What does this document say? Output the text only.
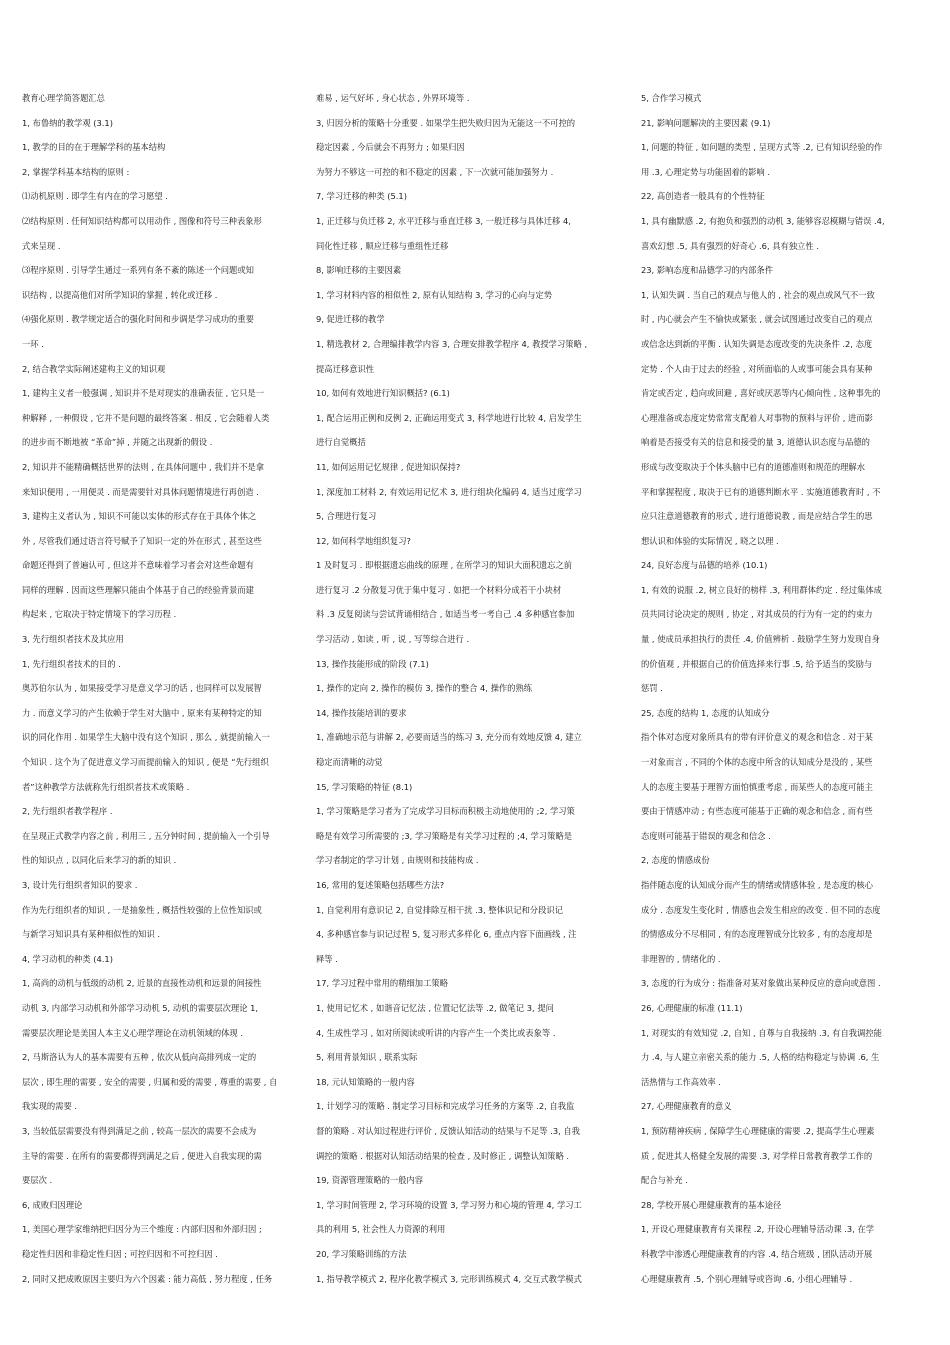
教育心理学简答题汇总
1, 布鲁纳的教学观 (3.1)
1, 教学的目的在于理解学科的基本结构
2, 掌握学科基本结构的原则 :
⑴动机原则 . 即学生有内在的学习愿望 .
⑵结构原则 . 任何知识结构都可以用动作 , 图像和符号三种表象形
式来呈现 .
⑶程序原则 . 引导学生通过一系列有条不紊的陈述一个问题或知
识结构 , 以提高他们对所学知识的掌握 , 转化或迁移 .
⑷强化原则 . 教学规定适合的强化时间和步调是学习成功的重要
一环 .
2, 结合教学实际阐述建构主义的知识观
1, 建构主义者一般强调 , 知识并不是对现实的准确表征 , 它只是一
种解释 , 一种假设 , 它并不是问题的最终答案 . 相反 , 它会随着人类
的进步而不断地被 “革命”掉 , 并随之出现新的假设 .
2, 知识并不能精确概括世界的法则 , 在具体问题中 , 我们并不是拿
来知识便用 , 一用便灵 . 而是需要针对具体问题情境进行再创造 .
3, 建构主义者认为 , 知识不可能以实体的形式存在于具体个体之
外 , 尽管我们通过语言符号赋予了知识一定的外在形式 , 甚至这些
命题还得到了普遍认可 , 但这并不意味着学习者会对这些命题有
同样的理解 . 因而这些理解只能由个体基于自己的经验背景而建
构起来 , 它取决于特定情境下的学习历程 .
3, 先行组织者技术及其应用
1, 先行组织者技术的目的 .
奥苏伯尔认为 , 如果接受学习是意义学习的话 , 也同样可以发展智
力 . 而意义学习的产生依赖于学生对大脑中 , 原来有某种特定的知
识的同化作用 . 如果学生大脑中没有这个知识 , 那么 , 就提前输入一
个知识 . 这个为了促进意义学习而提前输入的知识 , 便是 “先行组织
者”这种教学方法就称先行组织者技术或策略 .
2, 先行组织者教学程序 .
在呈现正式教学内容之前 , 利用三 , 五分钟时间 , 提前输入一个引导
性的知识点 , 以同化后来学习的新的知识 .
3, 设计先行组织者知识的要求 .
作为先行组织者的知识 , 一是抽象性 , 概括性较强的上位性知识或
与新学习知识具有某种相似性的知识 .
4, 学习动机的种类 (4.1)
1, 高尚的动机与低级的动机 2, 近景的直接性动机和远景的间接性
动机 3, 内部学习动机和外部学习动机 5, 动机的需要层次理论 1,
需要层次理论是美国人本主义心理学理论在动机领域的体现 .
2, 马斯洛认为人的基本需要有五种 , 依次从低向高排列成一定的
层次 , 即生理的需要 , 安全的需要 , 归属和爱的需要 , 尊重的需要 , 自
我实现的需要 .
3, 当较低层需要没有得到满足之前 , 较高一层次的需要不会成为
主导的需要 . 在所有的需要都得到满足之后 , 便进入自我实现的需
要层次 .
6, 成败归因理论
1, 美国心理学家维纳把归因分为三个维度 : 内部归因和外部归因 ;
稳定性归因和非稳定性归因 ; 可控归因和不可控归因 .
2, 同时又把成败原因主要归为六个因素 : 能力高低 , 努力程度 , 任务
难易 , 运气好坏 , 身心状态 , 外界环境等 .
3, 归因分析的策略十分重要 . 如果学生把失败归因为无能这一不可控的
稳定因素 , 今后就会不再努力 ; 如果归因
为努力不够这一可控的和不稳定的因素 , 下一次就可能加强努力 .
7, 学习迁移的种类 (5.1)
1, 正迁移与负迁移 2, 水平迁移与垂直迁移 3, 一般迁移与具体迁移 4,
同化性迁移 , 顺应迁移与重组性迁移
8, 影响迁移的主要因素
1, 学习材料内容的相似性 2, 原有认知结构 3, 学习的心向与定势
9, 促进迁移的教学
1, 精选教材 2, 合理编排教学内容 3, 合理安排教学程序 4, 教授学习策略 ,
提高迁移意识性
10, 如何有效地进行知识概括? (6.1)
1, 配合运用正例和反例 2, 正确运用变式 3, 科学地进行比较 4, 启发学生
进行自觉概括
11, 如何运用记忆规律 , 促进知识保持?
1, 深度加工材料 2, 有效运用记忆术 3, 进行组块化编码 4, 适当过度学习
5, 合理进行复习
12, 如何科学地组织复习?
1 及时复习 . 即根据遗忘曲线的原理 , 在所学习的知识大面积遗忘之前
进行复习 .2 分散复习优于集中复习 . 如把一个材料分成若干小块材
料 .3 反复阅读与尝试背诵相结合 , 如适当考一考自己 .4 多种感官参加
学习活动 , 如读 , 听 , 说 , 写等综合进行 .
13, 操作技能形成的阶段 (7.1)
1, 操作的定向 2, 操作的模仿 3, 操作的整合 4, 操作的熟练
14, 操作技能培训的要求
1, 准确地示范与讲解 2, 必要而适当的练习 3, 充分而有效地反馈 4, 建立
稳定而清晰的动觉
15, 学习策略的特征 (8.1)
1, 学习策略是学习者为了完成学习目标而积极主动地使用的 ;2, 学习策
略是有效学习所需要的 ;3, 学习策略是有关学习过程的 ;4, 学习策略是
学习者制定的学习计划 , 由规则和技能构成 .
16, 常用的复述策略包括哪些方法?
1, 自觉利用有意识记 2, 自觉排除互相干扰 .3, 整体识记和分段识记
4, 多种感官参与识记过程 5, 复习形式多样化 6, 重点内容下面画线 , 注
释等 .
17, 学习过程中常用的精细加工策略
1, 使用记忆术 , 如谐音记忆法 , 位置记忆法等 .2, 做笔记 3, 提问
4, 生成性学习 , 如对所阅读或听讲的内容产生一个类比或表象等 .
5, 利用背景知识 , 联系实际
18, 元认知策略的一般内容
1, 计划学习的策略 . 制定学习目标和完成学习任务的方案等 .2, 自我监
督的策略 . 对认知过程进行评价 , 反馈认知活动的结果与不足等 .3, 自我
调控的策略 . 根据对认知活动结果的检查 , 及时修正 , 调整认知策略 .
19, 资源管理策略的一般内容
1, 学习时间管理 2, 学习环境的设置 3, 学习努力和心境的管理 4, 学习工
具的利用 5, 社会性人力资源的利用
20, 学习策略训练的方法
1, 指导教学模式 2, 程序化教学模式 3, 完形训练模式 4, 交互式教学模式
5, 合作学习模式
21, 影响问题解决的主要因素 (9.1)
1, 问题的特征 , 如问题的类型 , 呈现方式等 .2, 已有知识经验的作
用 .3, 心理定势与功能固着的影响 .
22, 高创造者一般具有的个性特征
1, 具有幽默感 .2, 有抱负和强烈的动机 3, 能够容忍模糊与错误 .4,
喜欢幻想 .5, 具有强烈的好奇心 .6, 具有独立性 .
23, 影响态度和品德学习的内部条件
1, 认知失调 . 当自己的观点与他人的 , 社会的观点或风气不一致
时 , 内心就会产生不愉快或紧张 , 就会试图通过改变自己的观点
或信念达到新的平衡 . 认知失调是态度改变的先决条件 .2, 态度
定势 . 个人由于过去的经验 , 对所面临的人或事可能会具有某种
肯定或否定 , 趋向或回避 , 喜好或厌恶等内心倾向性 , 这种事先的
心理准备或态度定势常常支配着人对事物的预料与评价 , 进而影
响着是否接受有关的信息和接受的量 3, 道德认识态度与品德的
形成与改变取决于个体头脑中已有的道德准则和规范的理解水
平和掌握程度 , 取决于已有的道德判断水平 . 实施道德教育时 , 不
应只注意道德教育的形式 , 进行道德说教 , 而是应结合学生的思
想认识和体验的实际情况 , 晓之以理 .
24, 良好态度与品德的培养 (10.1)
1, 有效的说服 .2, 树立良好的榜样 .3, 利用群体约定 . 经过集体成
员共同讨论决定的规则 , 协定 , 对其成员的行为有一定的约束力
量 , 使成员承担执行的责任 .4, 价值辨析 . 鼓励学生努力发现自身
的价值观 , 并根据自己的价值选择来行事 .5, 给予适当的奖励与
惩罚 .
25, 态度的结构 1, 态度的认知成分
指个体对态度对象所具有的带有评价意义的观念和信念 . 对于某
一对象而言 , 不同的个体的态度中所含的认知成分是没的 , 某些
人的态度主要基于理智方面怕慎重考虑 , 而某些人的态度可能主
要由于情感冲动 ; 有些态度可能基于正确的观念和信念 , 而有些
态度则可能基于错误的观念和信念 .
2, 态度的情感成份
指伴随态度的认知成分而产生的情绪或情感体验 , 是态度的核心
成分 . 态度发生变化时 , 情感也会发生相应的改变 . 但不同的态度
的情感成分不尽相同 , 有的态度理智成分比较多 , 有的态度却是
非理智的 , 情绪化的 .
3, 态度的行为成分 : 指准备对某对象做出某种反应的意向或意图 .
26, 心理健康的标准 (11.1)
1, 对现实的有效知觉 .2, 自知 , 自尊与自我接纳 .3, 有自我调控能
力 .4, 与人建立亲密关系的能力 .5, 人格的结构稳定与协调 .6, 生
活热情与工作高效率 .
27, 心理健康教育的意义
1, 预防精神疾病 , 保障学生心理健康的需要 .2, 提高学生心理素
质 , 促进其人格健全发展的需要 .3, 对学样日常教育教学工作的
配合与补充 .
28, 学校开展心理健康教育的基本途径
1, 开设心理健康教育有关课程 .2, 开设心理辅导活动课 .3, 在学
科教学中渗透心理健康教育的内容 .4, 结合班级 , 团队活动开展
心理健康教育 .5, 个别心理辅导或咨询 .6, 小组心理辅导 .
